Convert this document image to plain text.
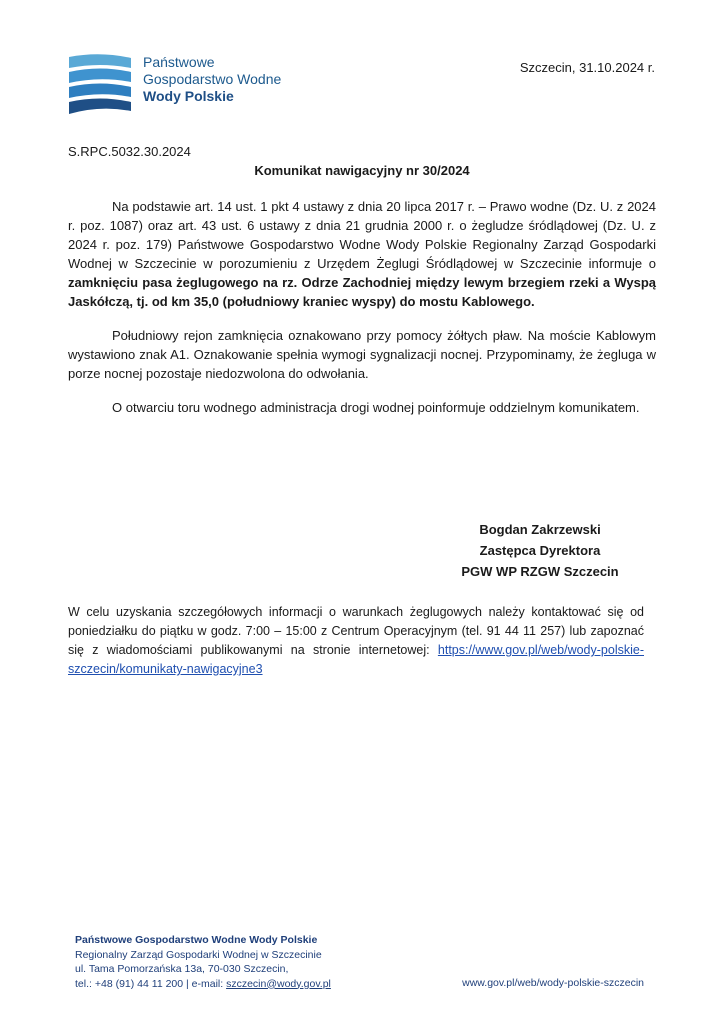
Państwowe
Gospodarstwo Wodne
Wody Polskie
Szczecin, 31.10.2024 r.
S.RPC.5032.30.2024
Komunikat nawigacyjny nr 30/2024
Na podstawie art. 14 ust. 1 pkt 4 ustawy z dnia 20 lipca 2017 r. – Prawo wodne (Dz. U. z 2024 r. poz. 1087) oraz art. 43 ust. 6 ustawy z dnia 21 grudnia 2000 r. o żegludze śródlądowej (Dz. U. z 2024 r. poz. 179) Państwowe Gospodarstwo Wodne Wody Polskie Regionalny Zarząd Gospodarki Wodnej w Szczecinie w porozumieniu z Urzędem Żeglugi Śródlądowej w Szczecinie informuje o zamknięciu pasa żeglugowego na rz. Odrze Zachodniej między lewym brzegiem rzeki a Wyspą Jaskółczą, tj. od km 35,0 (południowy kraniec wyspy) do mostu Kablowego.
Południowy rejon zamknięcia oznakowano przy pomocy żółtych pław. Na moście Kablowym wystawiono znak A1. Oznakowanie spełnia wymogi sygnalizacji nocnej. Przypominamy, że żegluga w porze nocnej pozostaje niedozwolona do odwołania.
O otwarciu toru wodnego administracja drogi wodnej poinformuje oddzielnym komunikatem.
Bogdan Zakrzewski
Zastępca Dyrektora
PGW WP RZGW Szczecin
W celu uzyskania szczegółowych informacji o warunkach żeglugowych należy kontaktować się od poniedziałku do piątku w godz. 7:00 – 15:00 z Centrum Operacyjnym (tel. 91 44 11 257) lub zapoznać się z wiadomościami publikowanymi na stronie internetowej: https://www.gov.pl/web/wody-polskie-szczecin/komunikaty-nawigacyjne3
Państwowe Gospodarstwo Wodne Wody Polskie
Regionalny Zarząd Gospodarki Wodnej w Szczecinie
ul. Tama Pomorzańska 13a, 70-030 Szczecin,
tel.: +48 (91) 44 11 200 | e-mail: szczecin@wody.gov.pl	www.gov.pl/web/wody-polskie-szczecin
